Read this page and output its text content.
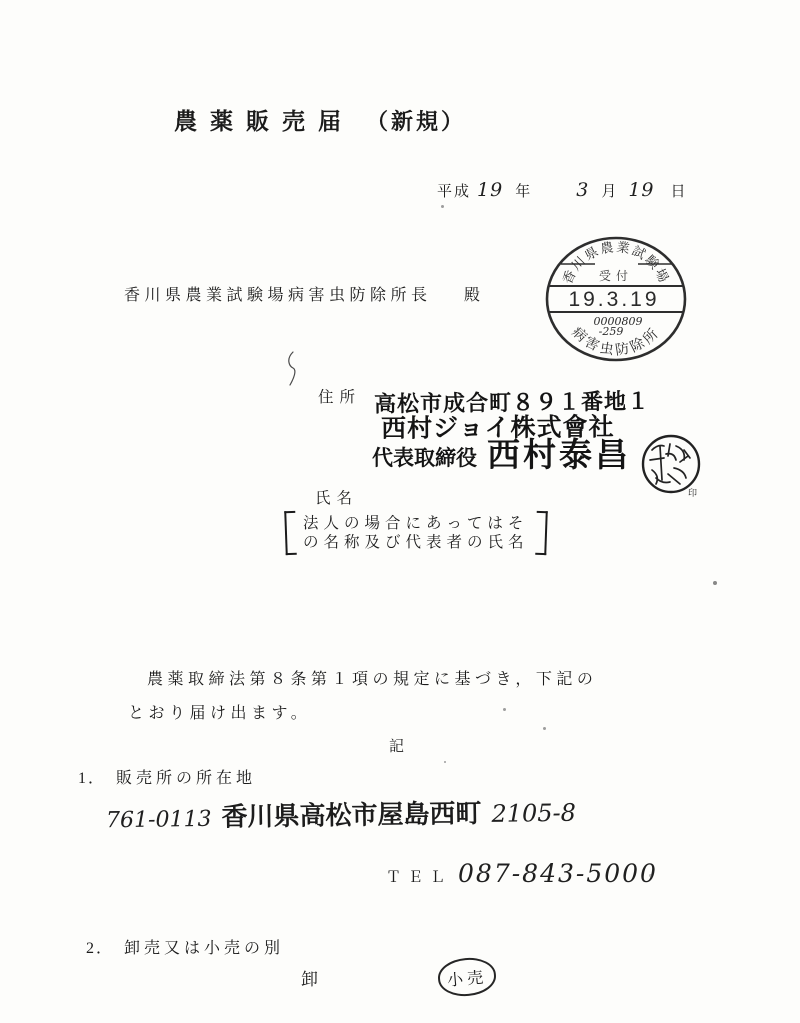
農薬販売届 （新規）
平成 19 年 3 月 19 日
香川県農業試験場病害虫防除所長 殿
香川県農業試験場
受付
19.3.19
0000809
-259
病害虫防除所
住所 高松市成合町８９１番地１
西村ジョイ株式會社
代表取締役 西村泰昌
印
氏名
法人の場合にあってはそ
の名称及び代表者の氏名
農薬取締法第８条第１項の規定に基づき，下記の
とおり届け出ます。
記
1． 販売所の所在地
761-0113 香川県高松市屋島西町 2105-8
ＴＥＬ 087-843-5000
2． 卸売又は小売の別
卸	小売
